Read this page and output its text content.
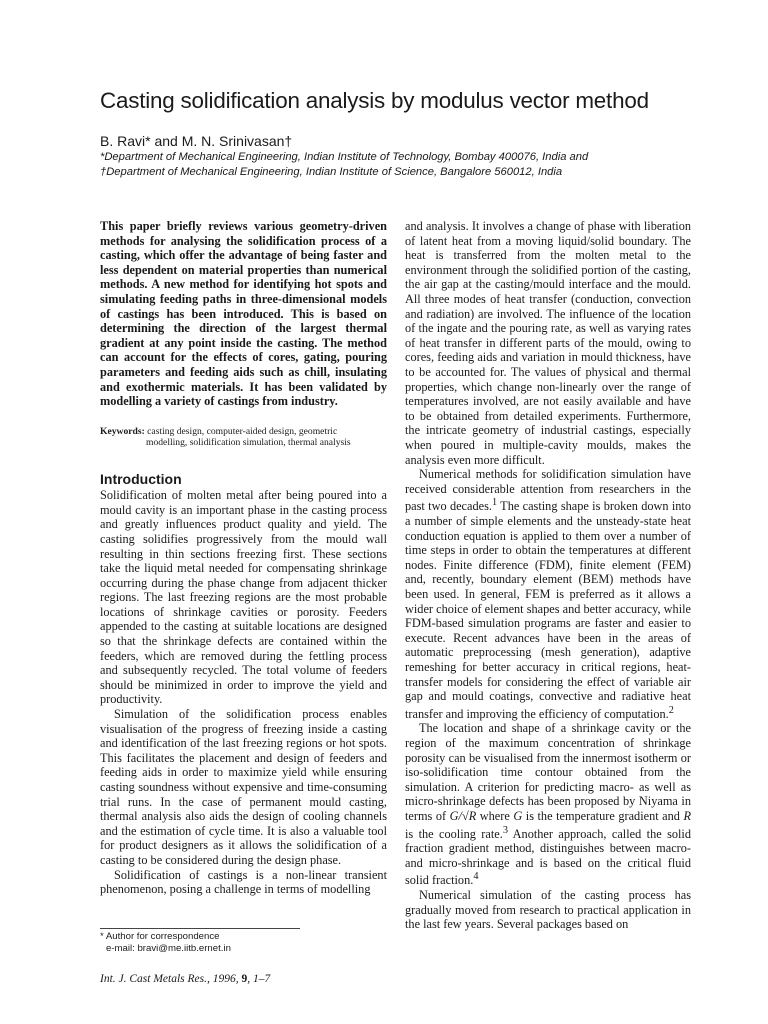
Casting solidification analysis by modulus vector method
B. Ravi* and M. N. Srinivasan†
*Department of Mechanical Engineering, Indian Institute of Technology, Bombay 400076, India and
†Department of Mechanical Engineering, Indian Institute of Science, Bangalore 560012, India

This paper briefly reviews various geometry-driven methods for analysing the solidification process of a casting, which offer the advantage of being faster and less dependent on material properties than numerical methods. A new method for identifying hot spots and simulating feeding paths in three-dimensional models of castings has been introduced. This is based on determining the direction of the largest thermal gradient at any point inside the casting. The method can account for the effects of cores, gating, pouring parameters and feeding aids such as chill, insulating and exothermic materials. It has been validated by modelling a variety of castings from industry.

Keywords: casting design, computer-aided design, geometric
modelling, solidification simulation, thermal analysis

Introduction

Solidification of molten metal after being poured into a mould cavity is an important phase in the casting process and greatly influences product quality and yield. The casting solidifies progressively from the mould wall resulting in thin sections freezing first. These sections take the liquid metal needed for compensating shrinkage occurring during the phase change from adjacent thicker regions. The last freezing regions are the most probable locations of shrinkage cavities or porosity. Feeders appended to the casting at suitable locations are designed so that the shrinkage defects are contained within the feeders, which are removed during the fettling process and subsequently recycled. The total volume of feeders should be minimized in order to improve the yield and productivity.

Simulation of the solidification process enables visualisation of the progress of freezing inside a casting and identification of the last freezing regions or hot spots. This facilitates the placement and design of feeders and feeding aids in order to maximize yield while ensuring casting soundness without expensive and time-consuming trial runs. In the case of permanent mould casting, thermal analysis also aids the design of cooling channels and the estimation of cycle time. It is also a valuable tool for product designers as it allows the solidification of a casting to be considered during the design phase.

Solidification of castings is a non-linear transient phenomenon, posing a challenge in terms of modelling

and analysis. It involves a change of phase with liberation of latent heat from a moving liquid/solid boundary. The heat is transferred from the molten metal to the environment through the solidified portion of the casting, the air gap at the casting/mould interface and the mould. All three modes of heat transfer (conduction, convection and radiation) are involved. The influence of the location of the ingate and the pouring rate, as well as varying rates of heat transfer in different parts of the mould, owing to cores, feeding aids and variation in mould thickness, have to be accounted for. The values of physical and thermal properties, which change non-linearly over the range of temperatures involved, are not easily available and have to be obtained from detailed experiments. Furthermore, the intricate geometry of industrial castings, especially when poured in multiple-cavity moulds, makes the analysis even more difficult.

Numerical methods for solidification simulation have received considerable attention from researchers in the past two decades.$^1$ The casting shape is broken down into a number of simple elements and the unsteady-state heat conduction equation is applied to them over a number of time steps in order to obtain the temperatures at different nodes. Finite difference (FDM), finite element (FEM) and, recently, boundary element (BEM) methods have been used. In general, FEM is preferred as it allows a wider choice of element shapes and better accuracy, while FDM-based simulation programs are faster and easier to execute. Recent advances have been in the areas of automatic preprocessing (mesh generation), adaptive remeshing for better accuracy in critical regions, heat-transfer models for considering the effect of variable air gap and mould coatings, convective and radiative heat transfer and improving the efficiency of computation.$^2$

The location and shape of a shrinkage cavity or the region of the maximum concentration of shrinkage porosity can be visualised from the innermost isotherm or iso-solidification time contour obtained from the simulation. A criterion for predicting macro- as well as micro-shrinkage defects has been proposed by Niyama in terms of G/√R where G is the temperature gradient and R is the cooling rate.$^3$ Another approach, called the solid fraction gradient method, distinguishes between macro- and micro-shrinkage and is based on the critical fluid solid fraction.$^4$

Numerical simulation of the casting process has gradually moved from research to practical application in the last few years. Several packages based on

* Author for correspondence
e-mail: bravi@me.iitb.ernet.in
Int. J. Cast Metals Res., 1996, 9, 1–7
